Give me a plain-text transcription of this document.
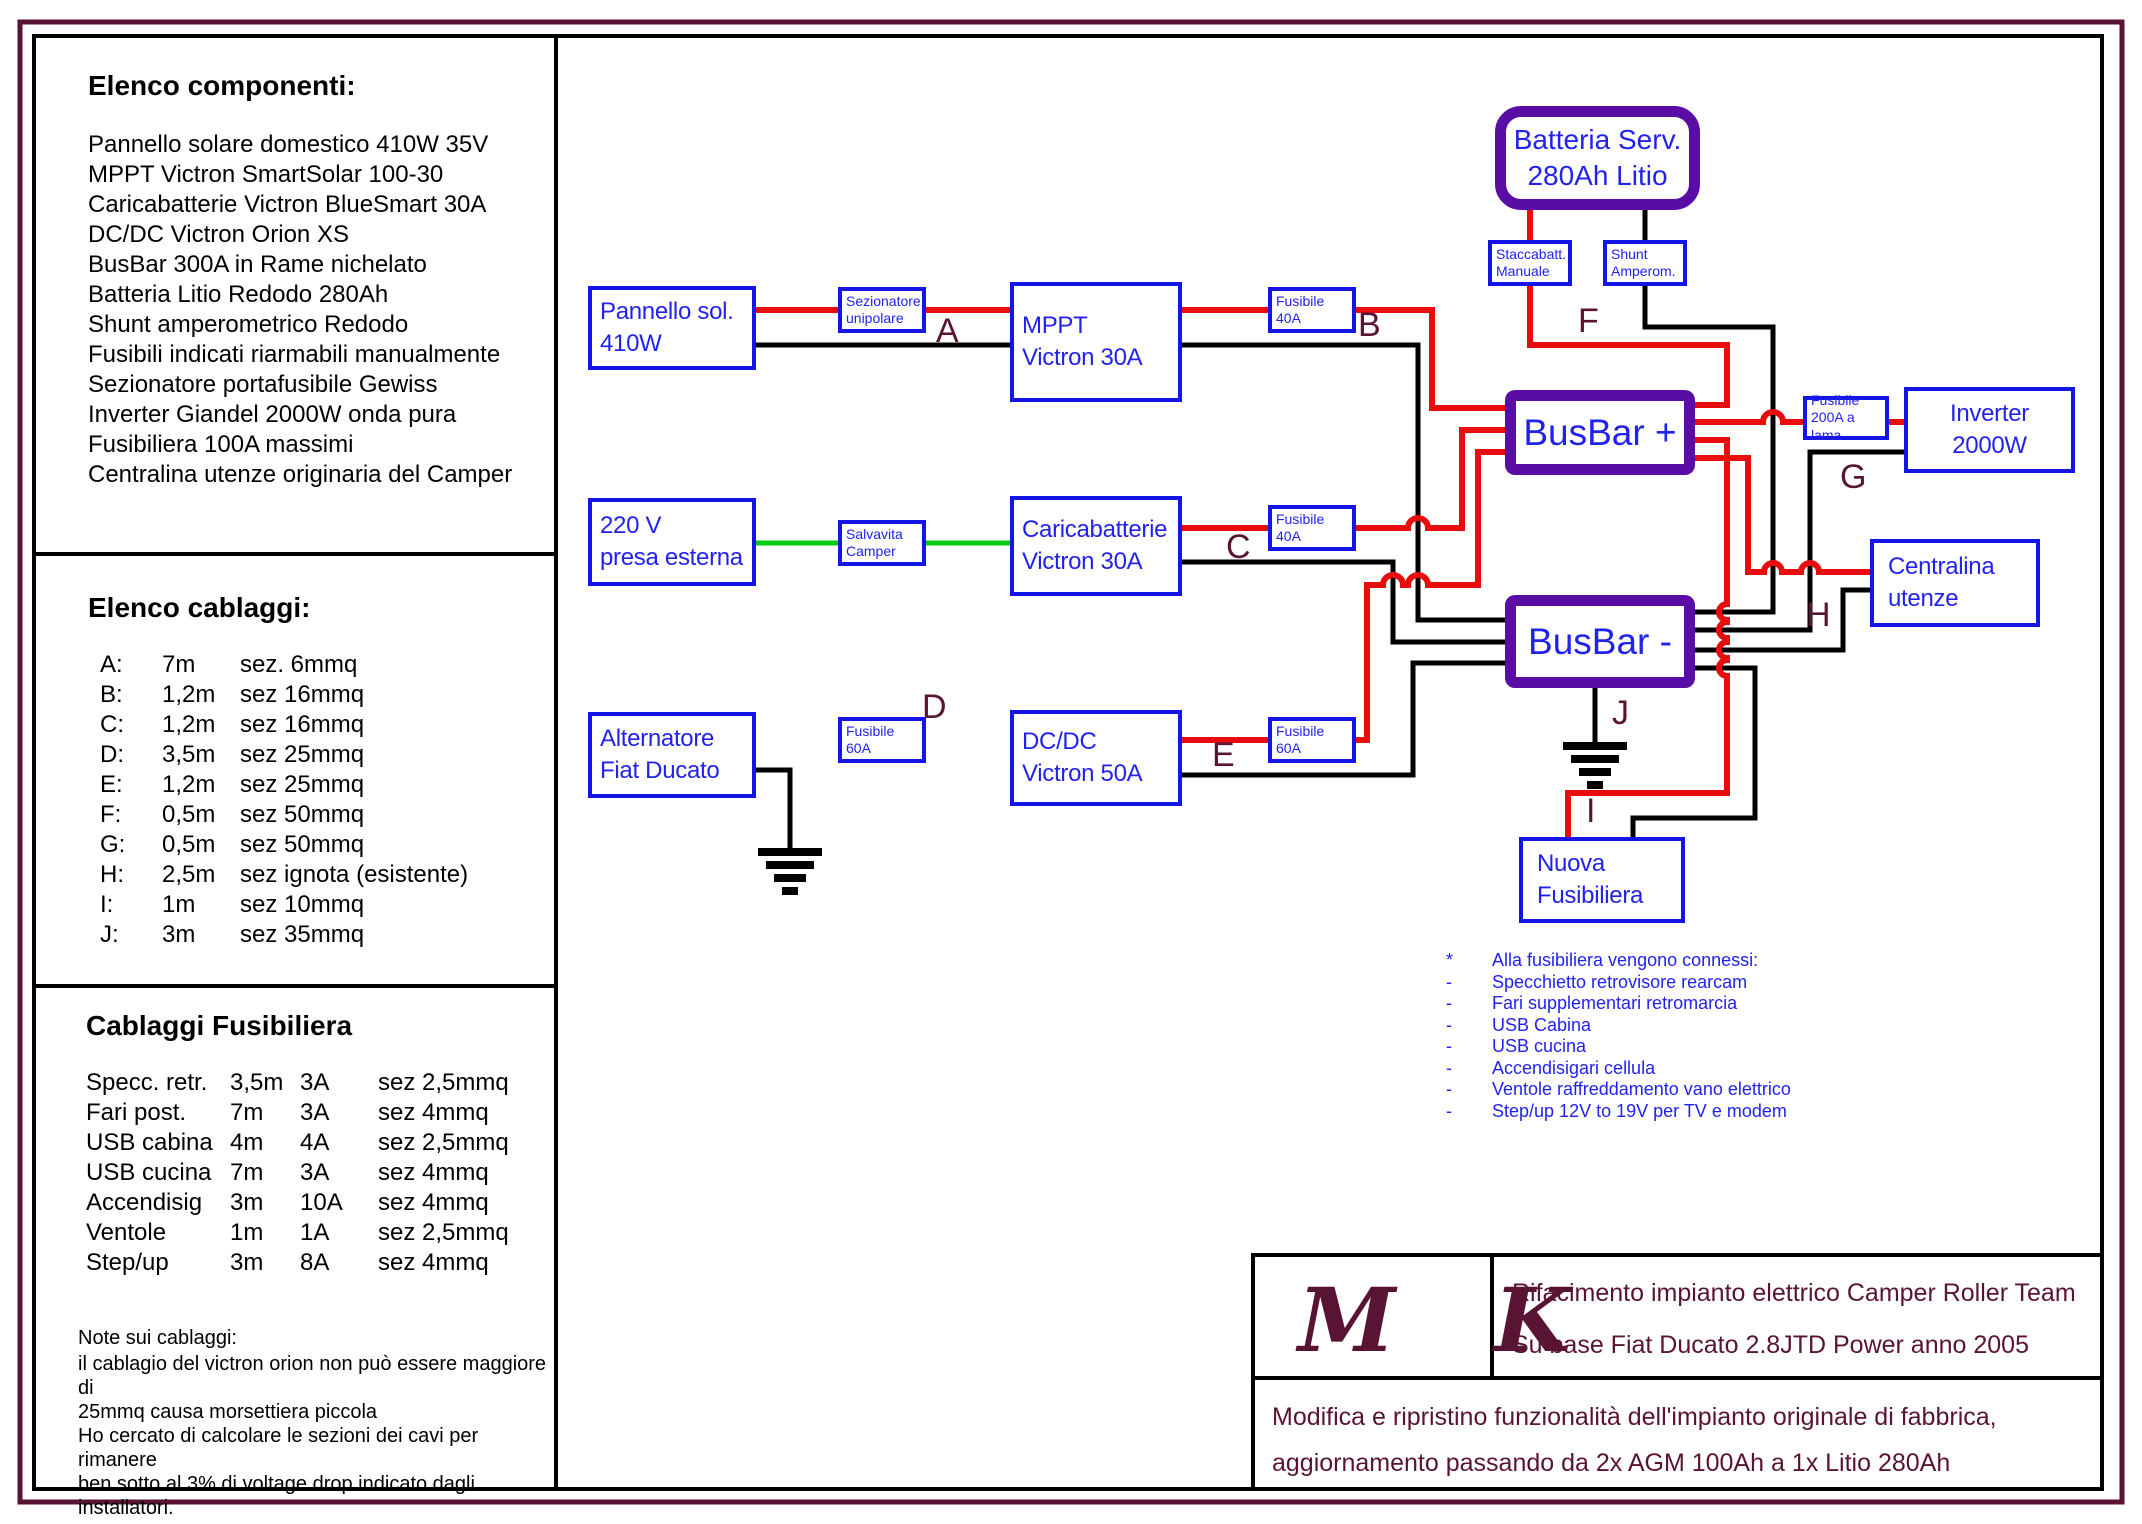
Elenco componenti:
Pannello solare domestico 410W 35V
MPPT Victron SmartSolar 100-30
Caricabatterie Victron BlueSmart 30A
DC/DC Victron Orion XS
BusBar 300A in Rame nichelato
Batteria Litio Redodo 280Ah
Shunt amperometrico Redodo
Fusibili indicati riarmabili manualmente
Sezionatore portafusibile Gewiss
Inverter Giandel 2000W onda pura
Fusibiliera 100A massimi
Centralina utenze originaria del Camper
Elenco cablaggi:
A: 7m sez. 6mmq
B: 1,2m sez 16mmq
C: 1,2m sez 16mmq
D: 3,5m sez 25mmq
E: 1,2m sez 25mmq
F: 0,5m sez 50mmq
G: 0,5m sez 50mmq
H: 2,5m sez ignota (esistente)
I: 1m sez 10mmq
J: 3m sez 35mmq
Cablaggi Fusibiliera
Specc. retr. 3,5m 3A sez 2,5mmq
Fari post. 7m 3A sez 4mmq
USB cabina 4m 4A sez 2,5mmq
USB cucina 7m 3A sez 4mmq
Accendisig 3m 10A sez 4mmq
Ventole	1m 1A sez 2,5mmq
Step/up	3m 8A sez 4mmq
Note sui cablaggi:
il cablagio del victron orion non può essere maggiore di
25mmq causa morsettiera piccola
Ho cercato di calcolare le sezioni dei cavi per rimanere
ben sotto al 3% di voltage drop indicato dagli installatori.
Pannello sol.
410W
Sezionatore
unipolare	MPPT
Victron 30A
Fusibile
40A
220 V
presa esterna
Salvavita
Camper
Caricabatterie
Victron 30A
Fusibile
40A
Alternatore
Fiat Ducato
Fusibile
60A	DC/DC
Victron 50A
Fusibile
60A
Batteria Serv.
280Ah Litio
Staccabatt.
Manuale
Shunt
Amperom.
BusBar +
BusBar -
Fusibile
200A a lama
Inverter
2000W
Centralina
utenze
Nuova
Fusibiliera
A	B
C
D
E
F
G
H
I
J
*	Alla fusibiliera vengono connessi:
-	Specchietto retrovisore rearcam
-	Fari supplementari retromarcia
-	USB Cabina
-	USB cucina
-	Accendisigari cellula
-	Ventole raffreddamento vano elettrico
-	Step/up 12V to 19V per TV e modem
M K
Rifacimento impianto elettrico Camper Roller Team
Su base Fiat Ducato 2.8JTD Power anno 2005
Modifica e ripristino funzionalità dell'impianto originale di fabbrica,
aggiornamento passando da 2x AGM 100Ah a 1x Litio 280Ah
